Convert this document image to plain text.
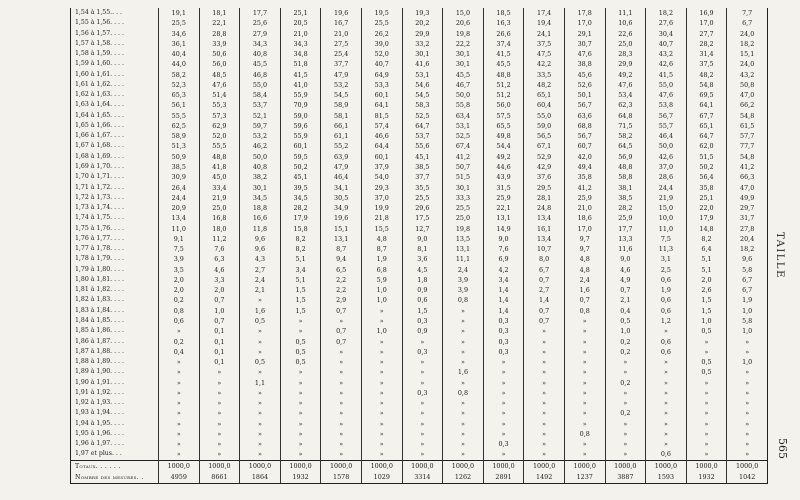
1,54 à 1,55.. . .	19,1	18,1	17,7	25,1	19,6	19,5	19,3	15,0	18,5	17,4	17,8	11,1	18,2	16,9	7,7
1,55 à 1,56. . . .	25,5	22,1	25,6	20,5	16,7	25,5	20,2	20,6	16,3	19,4	17,0	10,6	27,6	17,0	6,7
1,56 à 1,57. . . .	34,6	28,8	27,9	21,0	21,0	26,2	29,9	19,8	26,6	24,1	29,1	22,6	30,4	27,7	24,0
1,57 à 1,58. . . .	36,1	33,9	34,3	34,3	27,5	39,0	33,2	22,2	37,4	37,5	30,7	25,0	40,7	28,2	18,2
1,58 à 1,59. . . .	40,4	50,6	40,8	34,8	25,4	52,0	30,1	30,1	41,5	47,5	47,6	28,3	43,2	31,4	15,1
1,59 à 1,60. . . .	44,0	56,0	45,5	51,8	37,7	40,7	41,6	30,1	45,5	42,2	38,8	29,9	42,6	37,5	24,0
1,60 à 1,61. . . .	58,2	48,5	46,8	41,5	47,9	64,9	53,1	45,5	48,8	33,5	45,6	49,2	41,5	48,2	43,2
1,61 à 1,62. . . .	52,3	47,6	55,0	41,0	53,2	53,3	54,6	46,7	51,2	48,2	52,6	47,6	55,0	54,8	50,8
1,62 à 1,63. . . .	65,3	51,4	58,4	55,9	54,5	60,1	54,5	50,0	51,2	65,1	50,1	53,4	47,6	69,5	47,0
1,63 à 1,64. . . .	56,1	55,3	53,7	70,9	58,9	64,1	58,3	55,8	56,0	60,4	56,7	62,3	53,8	64,1	66,2
1,64 à 1,65. . . .	55,5	57,3	52,1	59,0	58,1	81,5	52,5	63,4	57,5	55,0	63,6	64,8	56,7	67,7	54,8
1,65 à 1,66. . . .	62,5	62,9	59,7	59,6	66,1	57,4	64,7	53,1	65,5	59,0	68,8	71,5	55,7	65,1	61,5
1,66 à 1,67. . . .	58,9	52,0	53,2	55,9	61,1	46,6	53,7	52,5	49,8	56,5	56,7	58,2	46,4	64,7	57,7
1,67 à 1,68. . . .	51,3	55,5	46,2	60,1	55,2	64,4	55,6	67,4	54,4	67,1	60,7	64,5	50,0	62,0	77,7
1,68 à 1,69. . . .	50,9	48,8	50,0	59,5	63,9	60,1	45,1	41,2	49,2	52,9	42,0	56,9	42,6	51,5	54,8
1,69 à 1,70. . . .	38,5	41,8	40,8	50,2	47,9	37,9	38,5	50,7	44,6	42,9	49,4	48,8	37,0	50,2	41,2
1,70 à 1,71. . . .	30,9	45,0	38,2	45,1	46,4	54,0	37,7	51,5	43,9	37,6	35,8	58,8	28,6	56,4	66,3
1,71 à 1,72. . . .	26,4	33,4	30,1	39,5	34,1	29,3	35,5	30,1	31,5	29,5	41,2	38,1	24,4	35,8	47,0
1,72 à 1,73. . . .	24,4	21,9	34,5	34,5	30,5	37,0	25,5	33,3	25,9	28,1	25,9	38,5	21,9	25,1	49,9
1,73 à 1,74. . . .	20,9	25,0	18,8	28,2	34,9	19,9	29,6	25,5	22,1	24,8	21,0	28,2	15,0	22,0	29,7
1,74 à 1,75. . . .	13,4	16,8	16,6	17,9	19,6	21,8	17,5	25,0	13,1	13,4	18,6	25,9	10,0	17,9	31,7
1,75 à 1,76. . . .	11,0	18,0	11,8	15,8	15,1	15,5	12,7	19,8	14,9	16,1	17,0	17,7	11,0	14,8	27,8
1,76 à 1,77. . . .	9,1	11,2	9,6	8,2	13,1	4,8	9,0	13,5	9,0	13,4	9,7	13,3	7,5	8,2	20,4
1,77 à 1,78. . . .	7,5	7,6	9,6	8,2	8,7	8,7	8,1	13,1	7,6	10,7	9,7	11,6	11,3	6,4	18,2
1,78 à 1,79. . . .	3,9	6,3	4,3	5,1	9,4	1,9	3,6	11,1	6,9	8,0	4,8	9,0	3,1	5,1	9,6
1,79 à 1,80. . . .	3,5	4,6	2,7	3,4	6,5	6,8	4,5	2,4	4,2	6,7	4,8	4,6	2,5	5,1	5,8
1,80 à 1,81. . . .	2,0	3,3	2,4	5,1	2,2	5,9	1,8	3,9	3,4	0,7	2,4	4,9	0,6	2,0	6,7
1,81 à 1,82. . . .	2,0	2,0	2,1	1,5	2,2	1,0	0,9	3,9	1,4	2,7	1,6	0,7	1,9	2,6	6,7
1,82 à 1,83. . . .	0,2	0,7	»	1,5	2,9	1,0	0,6	0,8	1,4	1,4	0,7	2,1	0,6	1,5	1,9
1,83 à 1,84. . . .	0,8	1,0	1,6	1,5	0,7	»	1,5	»	1,4	0,7	0,8	0,4	0,6	1,5	1,0
1,84 à 1,85. . . .	0,6	0,7	0,5	»	»	»	0,3	»	0,3	0,7	»	0,5	1,2	1,0	5,8
1,85 à 1,86. . . .	»	0,1	»	»	0,7	1,0	0,9	»	0,3	»	»	1,0	»	0,5	1,0
1,86 à 1,87. . . .	0,2	0,1	»	0,5	0,7	»	»	»	0,3	»	»	0,2	0,6	»	»
1,87 à 1,88. . . .	0,4	0,1	»	0,5	»	»	0,3	»	0,3	»	»	0,2	0,6	»	»
1,88 à 1,89. . . .	»	0,1	0,5	0,5	»	»	»	»	»	»	»	»	»	0,5	1,0
1,89 à 1,90. . . .	»	»	»	»	»	»	»	1,6	»	»	»	»	»	0,5	»
1,90 à 1,91. . . .	»	»	1,1	»	»	»	»	»	»	»	»	0,2	»	»	»
1,91 à 1,92. . . .	»	»	»	»	»	»	0,3	0,8	»	»	»	»	»	»	»
1,92 à 1,93. . . .	»	»	»	»	»	»	»	»	»	»	»	»	»	»	»
1,93 à 1,94. . . .	»	»	»	»	»	»	»	»	»	»	»	0,2	»	»	»
1,94 à 1,95. . . .	»	»	»	»	»	»	»	»	»	»	»	»	»	»	»
1,95 à 1,96. . . .	»	»	»	»	»	»	»	»	»	»	0,8	»	»	»	»
1,96 à 1,97. . . .	»	»	»	»	»	»	»	»	0,3	»	»	»	»	»	»
1,97 et plus. . .	»	»	»	»	»	»	»	»	»	»	»	»	0,6	»	»
Totaux. . . . . .	1000,0	1000,0	1000,0	1000,0	1000,0	1000,0	1000,0	1000,0	1000,0	1000,0	1000,0	1000,0	1000,0	1000,0	1000,0
Nombre des mesures. .	4959	8661	1864	1932	1578	1029	3314	1262	2891	1492	1237	3887	1593	1932	1042
TAILLE
565
